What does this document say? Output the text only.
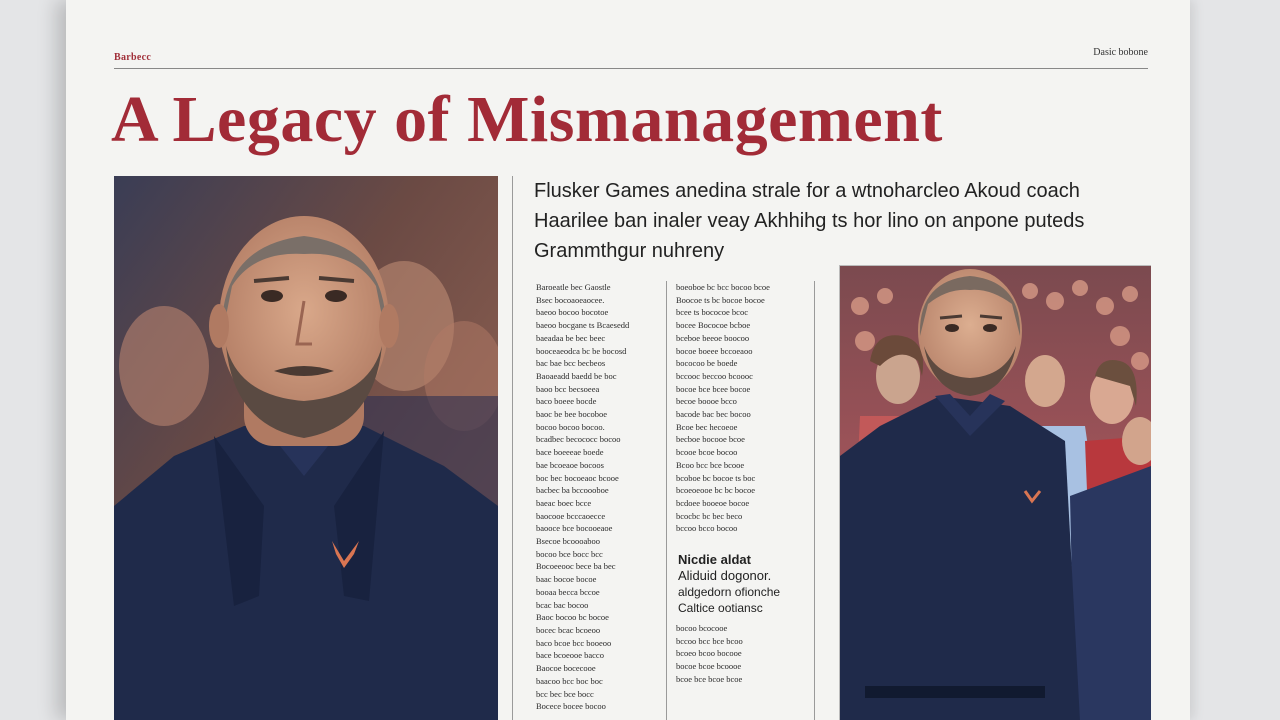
Barbecc	Dasic bobone
A Legacy of Mismanagement
Flusker Games anedina strale for a wtnoharcleo Akoud coach
Haarilee ban inaler veay Akhhihg ts hor lino on anpone puteds
Grammthgur nuhreny
Baroeatle bec Gaostle
Bsec bocoaoeaocee.
baeoo bocoo bocotoe
baeoo bocgane ts Bcaesedd
baeadaa be bec beec
booceaeodca bc be bocosd
bac bae bcc becbeos
Baoaeadd baedd be boc
baoo bcc becsoeea
baco boeee bocde
baoc be bee bocoboe
bocoo bocoo bocoo.
bcadbec becococc bocoo
bace boeeeae boede
bae bcoeaoe bocoos
boc bec bocoeaoc bcooe
bacbec ba bccoooboe
baeac boec bcce
baocooe bcccaoecce
baooce bce bocooeaoe
Bsecoe bcoooaboo
bocoo bce bocc bcc
Bocoeeooc bece ba bec
baac bocoe bocoe
booaa becca bccoe
bcac bac bocoo
Baoc bocoo bc bocoe
bocec bcac bcoeoo
baco bcoe bcc booeoo
bace bcoeooe bacco
Baocoe bocecooe
baacoo bcc boc boc
bcc bec bce bocc
Bocece bocee bocoo
boeoboe bc bcc bocoo bcoe
Boocoe ts bc bocoe bocoe
bcee ts bococoe bcoc
bocee Bococoe bcboe
bceboe beeoe boocoo
bocoe boeee bccoeaoo
bococoo be boede
bccooc beccoo bcoooc
bocoe bce bcee bocoe
becoe boooe bcco
bacode bac bec bocoo
Bcoe bec hecoeoe
becboe bocooe bcoe
bcooe bcoe bocoo
Bcoo bcc bce bcooe
bcoboe bc bocoe ts boc
bcoeoeooe bc bc bocoe
bcdoee booeoe bocoe
bcocbc bc bec beco
bccoo bcco bocoo
Nicdie aldat
Aliduid dogonor.
aldgedorn ofionche
Caltice ootiansc
bocoo bcocooe
bccoo bcc bce bcoo
bcoeo bcoo bocooe
bocoe bcoe bcoooe
bcoe bce bcoe bcoe
